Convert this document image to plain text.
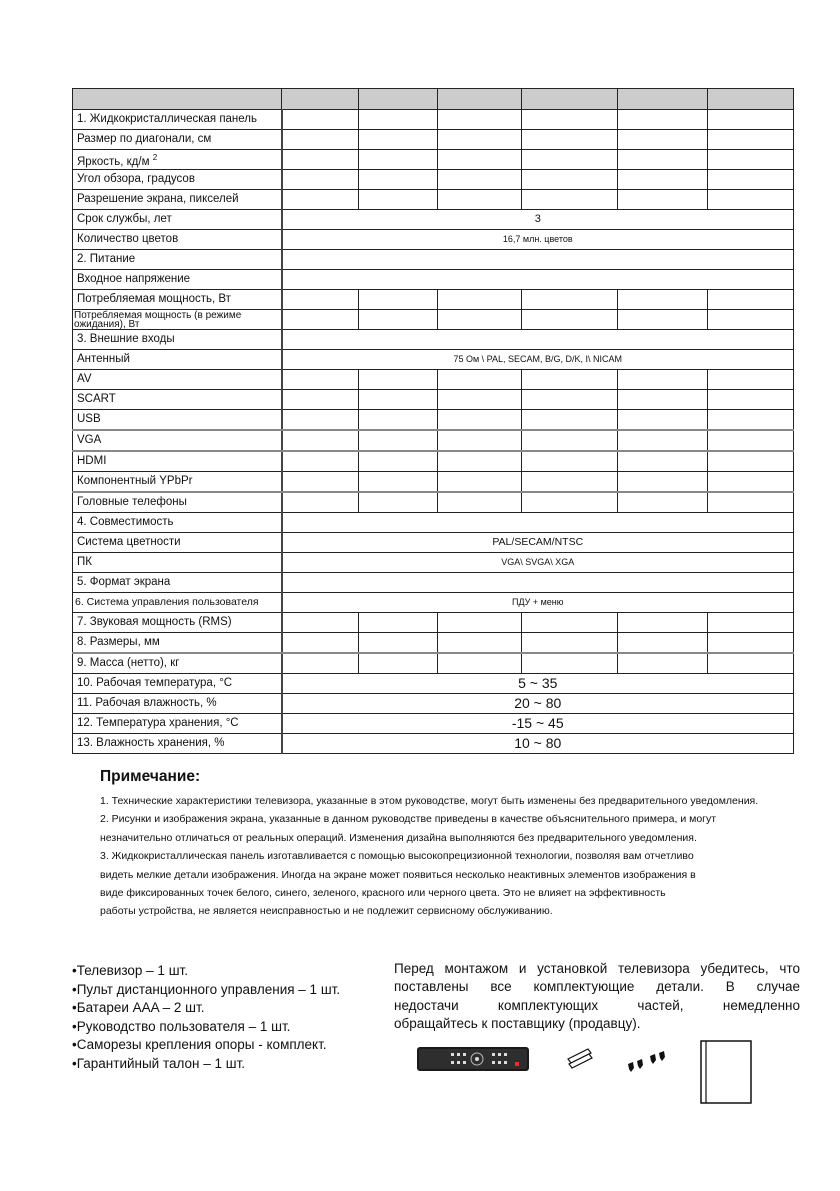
1. Жидкокристаллическая панель						
Размер по диагонали, см						
Яркость, кд/м $^2$						
Угол обзора, градусов						
Разрешение экрана, пикселей						
Срок службы, лет	3					
Количество цветов	16,7 млн. цветов					
2. Питание						
Входное напряжение						
Потребляемая мощность, Вт						
Потребляемая мощность (в режиме ожидания), Вт						
3. Внешние входы						
Антенный	75 Ом \ PAL, SECAM, B/G, D/K, I\ NICAM					
AV						
SCART						
USB						
VGA						
HDMI						
Компонентный YPbPr						
Головные телефоны						
4. Совместимость						
Система цветности	PAL/SECAM/NTSC					
ПК	VGA\ SVGA\ XGA					
5. Формат экрана						
6. Система управления пользователя	ПДУ + меню					
7. Звуковая мощность (RMS)						
8. Размеры, мм						
9. Масса (нетто), кг						
10. Рабочая температура, °C	5 ~ 35					
11. Рабочая влажность, %	20 ~ 80					
12. Температура хранения, °C	-15 ~ 45					
13. Влажность хранения, %	10 ~ 80					
Примечание:
1. Технические характеристики телевизора, указанные в этом руководстве, могут быть изменены без предварительного уведомления.
2. Рисунки и изображения экрана, указанные в данном руководстве приведены в качестве объяснительного примера, и могут
незначительно отличаться от реальных операций. Изменения дизайна выполняются без предварительного уведомления.
3. Жидкокристаллическая панель изготавливается с помощью высокопрецизионной технологии, позволяя вам отчетливо
видеть мелкие детали изображения. Иногда на экране может появиться несколько неактивных элементов изображения в
виде фиксированных точек белого, синего, зеленого, красного или черного цвета. Это не влияет на эффективность
работы устройства, не является неисправностью и не подлежит сервисному обслуживанию.
•Телевизор – 1 шт.
•Пульт дистанционного управления – 1 шт.
•Батареи AAA – 2 шт.
•Руководство пользователя – 1 шт.
•Саморезы крепления опоры - комплект.
•Гарантийный талон – 1 шт.
Перед монтажом и установкой телевизора убедитесь, что
поставлены все комплектующие детали. В случае
недостачи комплектующих частей, немедленно
обращайтесь к поставщику (продавцу).
